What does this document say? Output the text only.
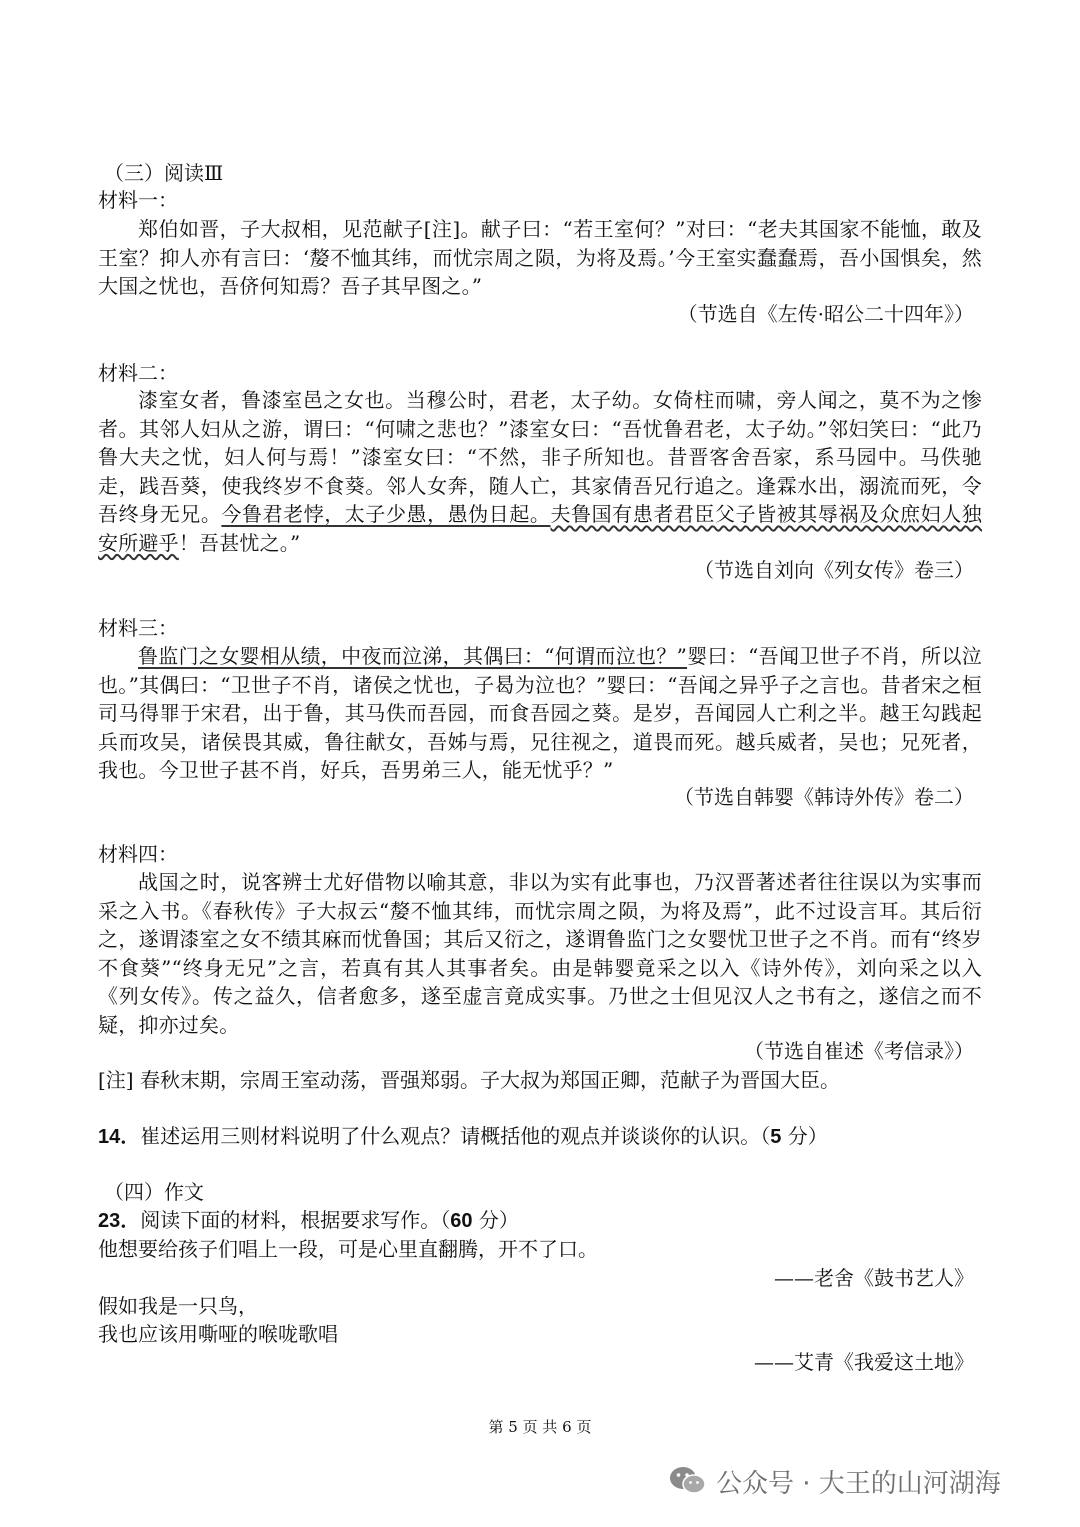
（三）阅读Ⅲ
材料一：

郑伯如晋，子大叔相，见范献子[注]。献子曰：“若王室何？”对曰：“老夫其国家不能恤，敢及王室？抑人亦有言曰：‘嫠不恤其纬，而忧宗周之陨，为将及焉。’今王室实蠢蠢焉，吾小国惧矣，然大国之忧也，吾侪何知焉？吾子其早图之。”

（节选自《左传·昭公二十四年》）
材料二：

漆室女者，鲁漆室邑之女也。当穆公时，君老，太子幼。女倚柱而啸，旁人闻之，莫不为之惨者。其邻人妇从之游，谓曰：“何啸之悲也？”漆室女曰：“吾忧鲁君老，太子幼。”邻妇笑曰：“此乃鲁大夫之忧，妇人何与焉！”漆室女曰：“不然，非子所知也。昔晋客舍吾家，系马园中。马佚驰走，践吾葵，使我终岁不食葵。邻人女奔，随人亡，其家倩吾兄行追之。逢霖水出，溺流而死，令吾终身无兄。今鲁君老悖，太子少愚，愚伪日起。夫鲁国有患者君臣父子皆被其辱祸及众庶妇人独安所避乎！吾甚忧之。”

（节选自刘向《列女传》卷三）
材料三：

鲁监门之女婴相从绩，中夜而泣涕，其偶曰：“何谓而泣也？”婴曰：“吾闻卫世子不肖，所以泣也。”其偶曰：“卫世子不肖，诸侯之忧也，子曷为泣也？”婴曰：“吾闻之异乎子之言也。昔者宋之桓司马得罪于宋君，出于鲁，其马佚而吾园，而食吾园之葵。是岁，吾闻园人亡利之半。越王勾践起兵而攻吴，诸侯畏其威，鲁往献女，吾姊与焉，兄往视之，道畏而死。越兵威者，吴也；兄死者，我也。今卫世子甚不肖，好兵，吾男弟三人，能无忧乎？”

（节选自韩婴《韩诗外传》卷二）
材料四：

战国之时，说客辨士尤好借物以喻其意，非以为实有此事也，乃汉晋著述者往往误以为实事而采之入书。《春秋传》子大叔云“嫠不恤其纬，而忧宗周之陨，为将及焉”，此不过设言耳。其后衍之，遂谓漆室之女不绩其麻而忧鲁国；其后又衍之，遂谓鲁监门之女婴忧卫世子之不肖。而有“终岁不食葵”“终身无兄”之言，若真有其人其事者矣。由是韩婴竟采之以入《诗外传》，刘向采之以入《列女传》。传之益久，信者愈多，遂至虚言竟成实事。乃世之士但见汉人之书有之，遂信之而不疑，抑亦过矣。

（节选自崔述《考信录》）
[注] 春秋末期，宗周王室动荡，晋强郑弱。子大叔为郑国正卿，范献子为晋国大臣。
14．崔述运用三则材料说明了什么观点？请概括他的观点并谈谈你的认识。（5 分）
（四）作文
23．阅读下面的材料，根据要求写作。（60 分）
他想要给孩子们唱上一段，可是心里直翻腾，开不了口。
——老舍《鼓书艺人》
假如我是一只鸟，
我也应该用嘶哑的喉咙歌唱
——艾青《我爱这土地》
第 5 页 共 6 页
公众号 · 大王的山河湖海
